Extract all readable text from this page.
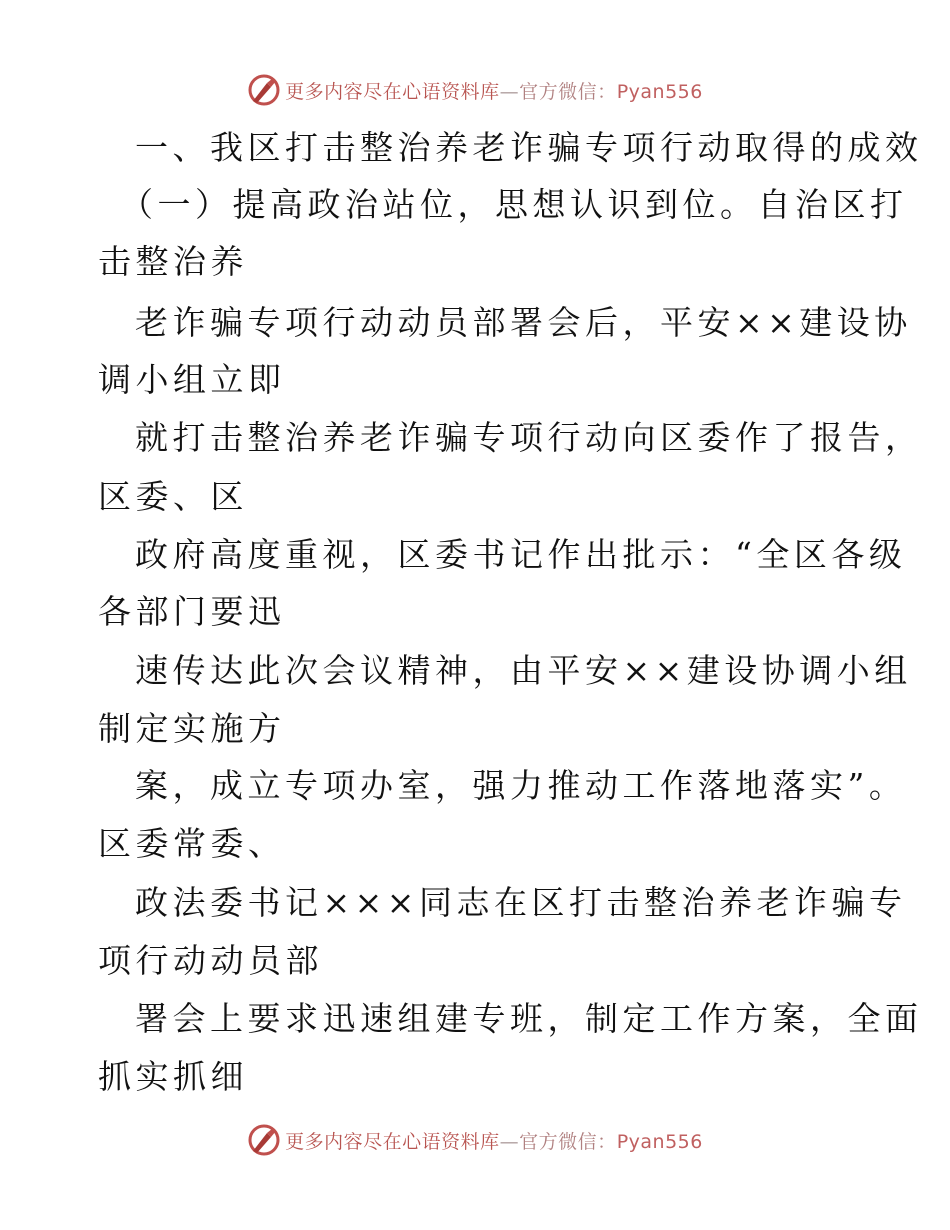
更多内容尽在心语资料库—官方微信：Pyan556
一、我区打击整治养老诈骗专项行动取得的成效
（一）提高政治站位，思想认识到位。自治区打
击整治养
老诈骗专项行动动员部署会后，平安××建设协
调小组立即
就打击整治养老诈骗专项行动向区委作了报告，
区委、区
政府高度重视，区委书记作出批示：“全区各级
各部门要迅
速传达此次会议精神，由平安××建设协调小组
制定实施方
案，成立专项办室，强力推动工作落地落实”。
区委常委、
政法委书记×××同志在区打击整治养老诈骗专
项行动动员部
署会上要求迅速组建专班，制定工作方案，全面
抓实抓细
更多内容尽在心语资料库—官方微信：Pyan556
